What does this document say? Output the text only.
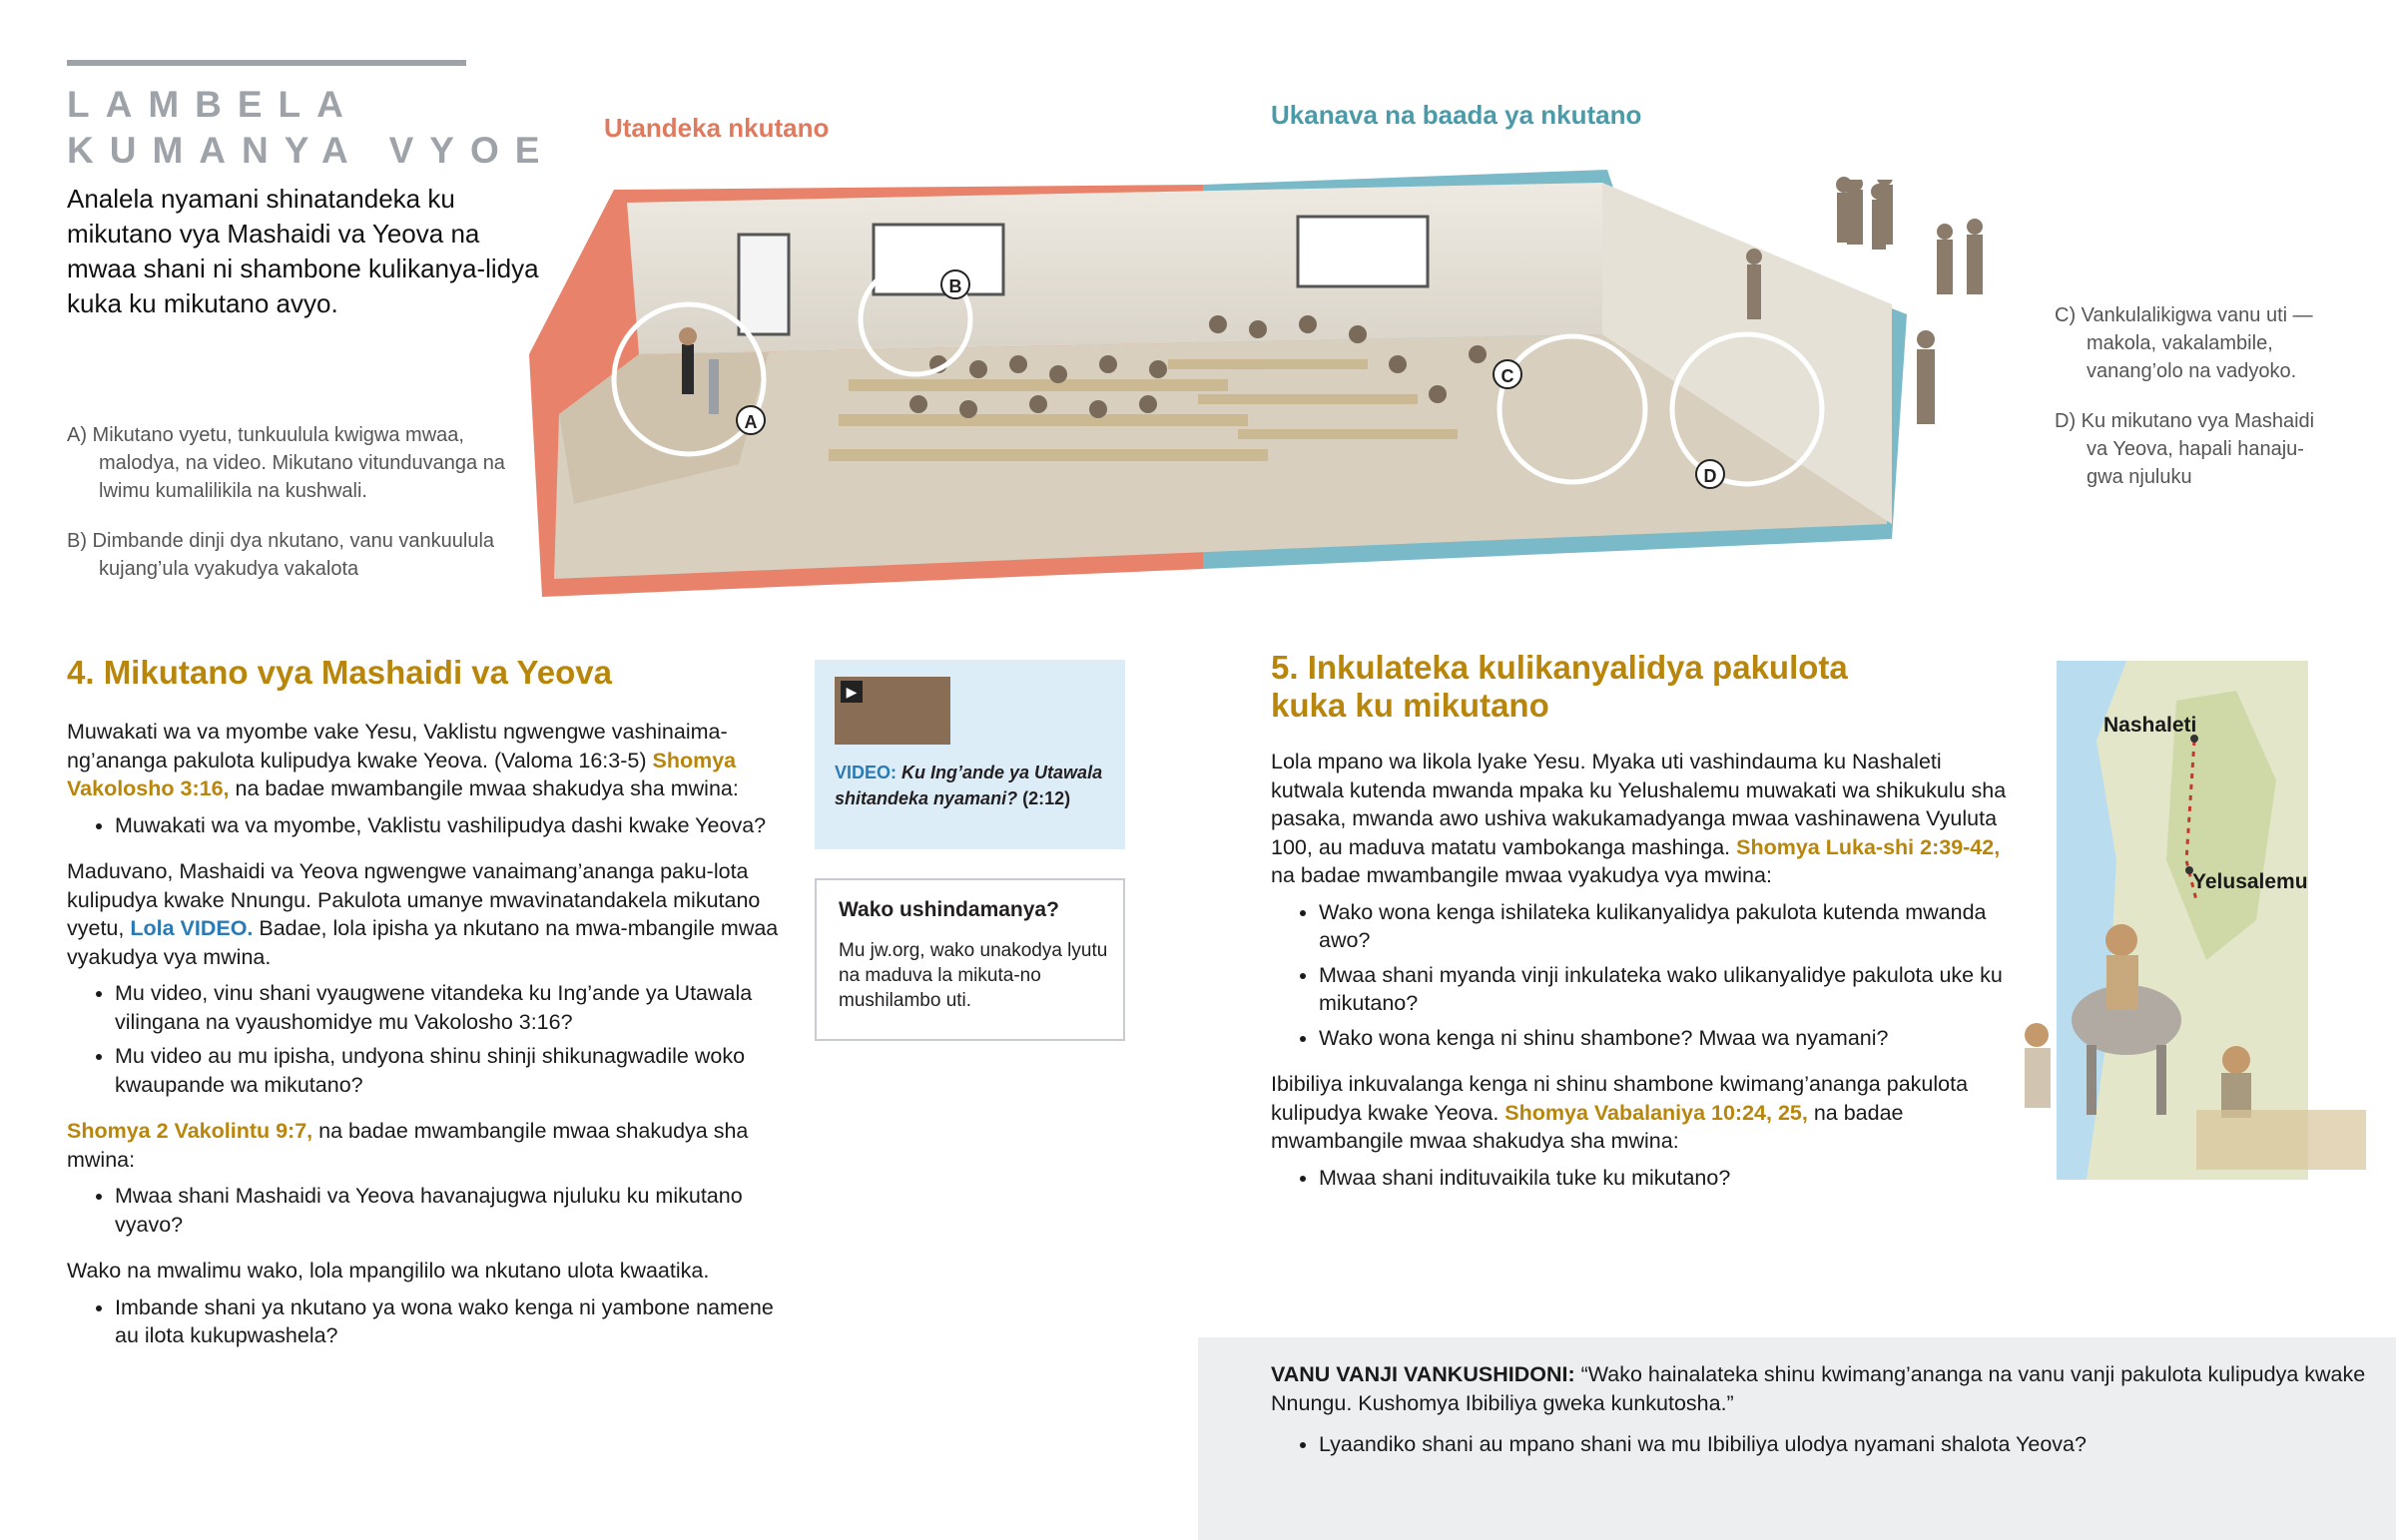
LAMBELA
KUMANYA VYOE
Analela nyamani shinatandeka ku mikutano vya Mashaidi va Yeova na mwaa shani ni shambone kulikanya-lidya kuka ku mikutano avyo.
A) Mikutano vyetu, tunkuulula kwigwa mwaa, malodya, na video. Mikutano vitunduvanga na lwimu kumalilikila na kushwali.
B) Dimbande dinji dya nkutano, vanu vankuulula kujang’ula vyakudya vakalota
Utandeka nkutano	Ukanava na baada ya nkutano
A
B
C
D
C) Vankulalikigwa vanu uti —makola, vakalambile, vanang’olo na vadyoko.
D) Ku mikutano vya Mashaidi va Yeova, hapali hanaju-gwa njuluku
4. Mikutano vya Mashaidi va Yeova
Muwakati wa va myombe vake Yesu, Vaklistu ngwengwe vashinaima-ng’ananga pakulota kulipudya kwake Yeova. (Valoma 16:3-5) Shomya Vakolosho 3:16, na badae mwambangile mwaa shakudya sha mwina:
• Muwakati wa va myombe, Vaklistu vashilipudya dashi kwake Yeova?
Maduvano, Mashaidi va Yeova ngwengwe vanaimang’ananga paku-lota kulipudya kwake Nnungu. Pakulota umanye mwavinatandakela mikutano vyetu, Lola VIDEO. Badae, lola ipisha ya nkutano na mwa-mbangile mwaa vyakudya vya mwina.
• Mu video, vinu shani vyaugwene vitandeka ku Ing’ande ya Utawala vilingana na vyaushomidye mu Vakolosho 3:16?
• Mu video au mu ipisha, undyona shinu shinji shikunagwadile woko kwaupande wa mikutano?
Shomya 2 Vakolintu 9:7, na badae mwambangile mwaa shakudya sha mwina:
• Mwaa shani Mashaidi va Yeova havanajugwa njuluku ku mikutano vyavo?
Wako na mwalimu wako, lola mpangililo wa nkutano ulota kwaatika.
• Imbande shani ya nkutano ya wona wako kenga ni yambone namene au ilota kukupwashela?
▶
VIDEO: Ku Ing’ande ya Utawala shitandeka nyamani? (2:12)
Wako ushindamanya?
Mu jw.org, wako unakodya lyutu na maduva la mikuta-no mushilambo uti.
5. Inkulateka kulikanyalidya pakulota kuka ku mikutano
Lola mpano wa likola lyake Yesu. Myaka uti vashindauma ku Nashaleti kutwala kutenda mwanda mpaka ku Yelushalemu muwakati wa shikukulu sha pasaka, mwanda awo ushiva wakukamadyanga mwaa vashinawena Vyuluta 100, au maduva matatu vambokanga mashinga. Shomya Luka-shi 2:39-42, na badae mwambangile mwaa vyakudya vya mwina:
• Wako wona kenga ishilateka kulikanyalidya pakulota kutenda mwanda awo?
• Mwaa shani myanda vinji inkulateka wako ulikanyalidye pakulota uke ku mikutano?
• Wako wona kenga ni shinu shambone? Mwaa wa nyamani?
Ibibiliya inkuvalanga kenga ni shinu shambone kwimang’ananga pakulota kulipudya kwake Yeova. Shomya Vabalaniya 10:24, 25, na badae mwambangile mwaa shakudya sha mwina:
• Mwaa shani indituvaikila tuke ku mikutano?
Nashaleti
Yelusalemu
VANU VANJI VANKUSHIDONI: “Wako hainalateka shinu kwimang’ananga na vanu vanji pakulota kulipudya kwake Nnungu. Kushomya Ibibiliya gweka kunkutosha.”
• Lyaandiko shani au mpano shani wa mu Ibibiliya ulodya nyamani shalota Yeova?
